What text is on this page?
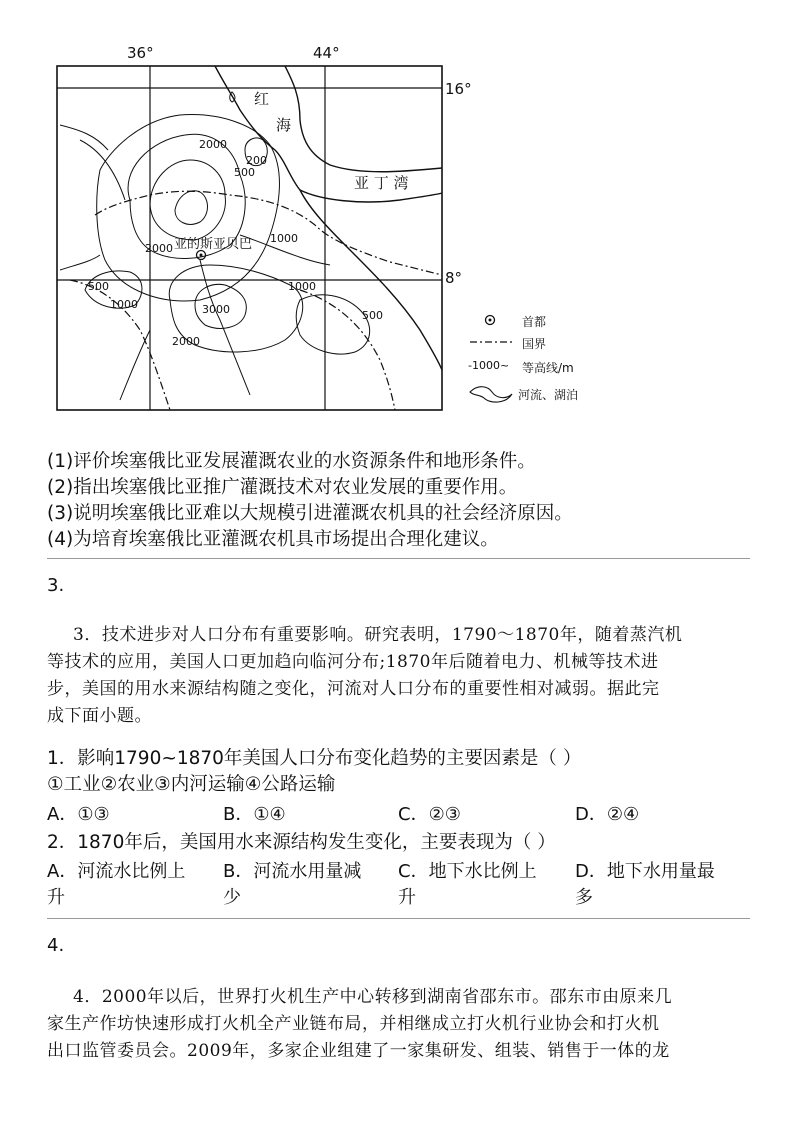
36°	44°
16°
8°
红
海
亚 丁 湾
亚的斯亚贝巴
2000
200
500
2000
1000
500
1000
1000
3000
2000
500	首都
国界
-1000~ 等高线/m
河流、湖泊
(1)评价埃塞俄比亚发展灌溉农业的水资源条件和地形条件。
(2)指出埃塞俄比亚推广灌溉技术对农业发展的重要作用。
(3)说明埃塞俄比亚难以大规模引进灌溉农机具的社会经济原因。
(4)为培育埃塞俄比亚灌溉农机具市场提出合理化建议。
3.
3．技术进步对人口分布有重要影响。研究表明，1790～1870年，随着蒸汽机
等技术的应用，美国人口更加趋向临河分布;1870年后随着电力、机械等技术进
步，美国的用水来源结构随之变化，河流对人口分布的重要性相对减弱。据此完
成下面小题。
1．影响1790~1870年美国人口分布变化趋势的主要因素是（ ）
①工业②农业③内河运输④公路运输
A．①③	B．①④	C．②③	D．②④
2．1870年后，美国用水来源结构发生变化，主要表现为（ ）
A．河流水比例上 B．河流水用量减 C．地下水比例上 D．地下水用量最
升	少	升	多
4.
4．2000年以后，世界打火机生产中心转移到湖南省邵东市。邵东市由原来几
家生产作坊快速形成打火机全产业链布局，并相继成立打火机行业协会和打火机
出口监管委员会。2009年，多家企业组建了一家集研发、组装、销售于一体的龙
